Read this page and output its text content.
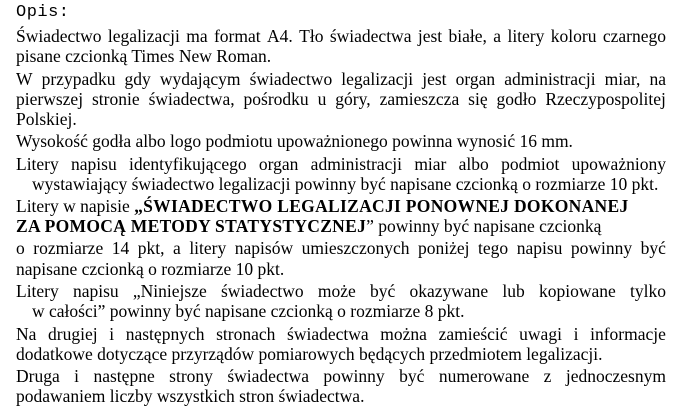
Opis:
Świadectwo legalizacji ma format A4. Tło świadectwa jest białe, a litery koloru czarnego
pisane czcionką Times New Roman.
W przypadku gdy wydającym świadectwo legalizacji jest organ administracji miar, na
pierwszej stronie świadectwa, pośrodku u góry, zamieszcza się godło Rzeczypospolitej
Polskiej.
Wysokość godła albo logo podmiotu upoważnionego powinna wynosić 16 mm.
Litery napisu identyfikującego organ administracji miar albo podmiot upoważniony
wystawiający świadectwo legalizacji powinny być napisane czcionką o rozmiarze 10 pkt.
Litery w napisie „ŚWIADECTWO LEGALIZACJI PONOWNEJ DOKONANEJ
ZA POMOCĄ METODY STATYSTYCZNEJ” powinny być napisane czcionką
o rozmiarze 14 pkt, a litery napisów umieszczonych poniżej tego napisu powinny być
napisane czcionką o rozmiarze 10 pkt.
Litery napisu „Niniejsze świadectwo może być okazywane lub kopiowane tylko
w całości” powinny być napisane czcionką o rozmiarze 8 pkt.
Na drugiej i następnych stronach świadectwa można zamieścić uwagi i informacje
dodatkowe dotyczące przyrządów pomiarowych będących przedmiotem legalizacji.
Druga i następne strony świadectwa powinny być numerowane z jednoczesnym
podawaniem liczby wszystkich stron świadectwa.
